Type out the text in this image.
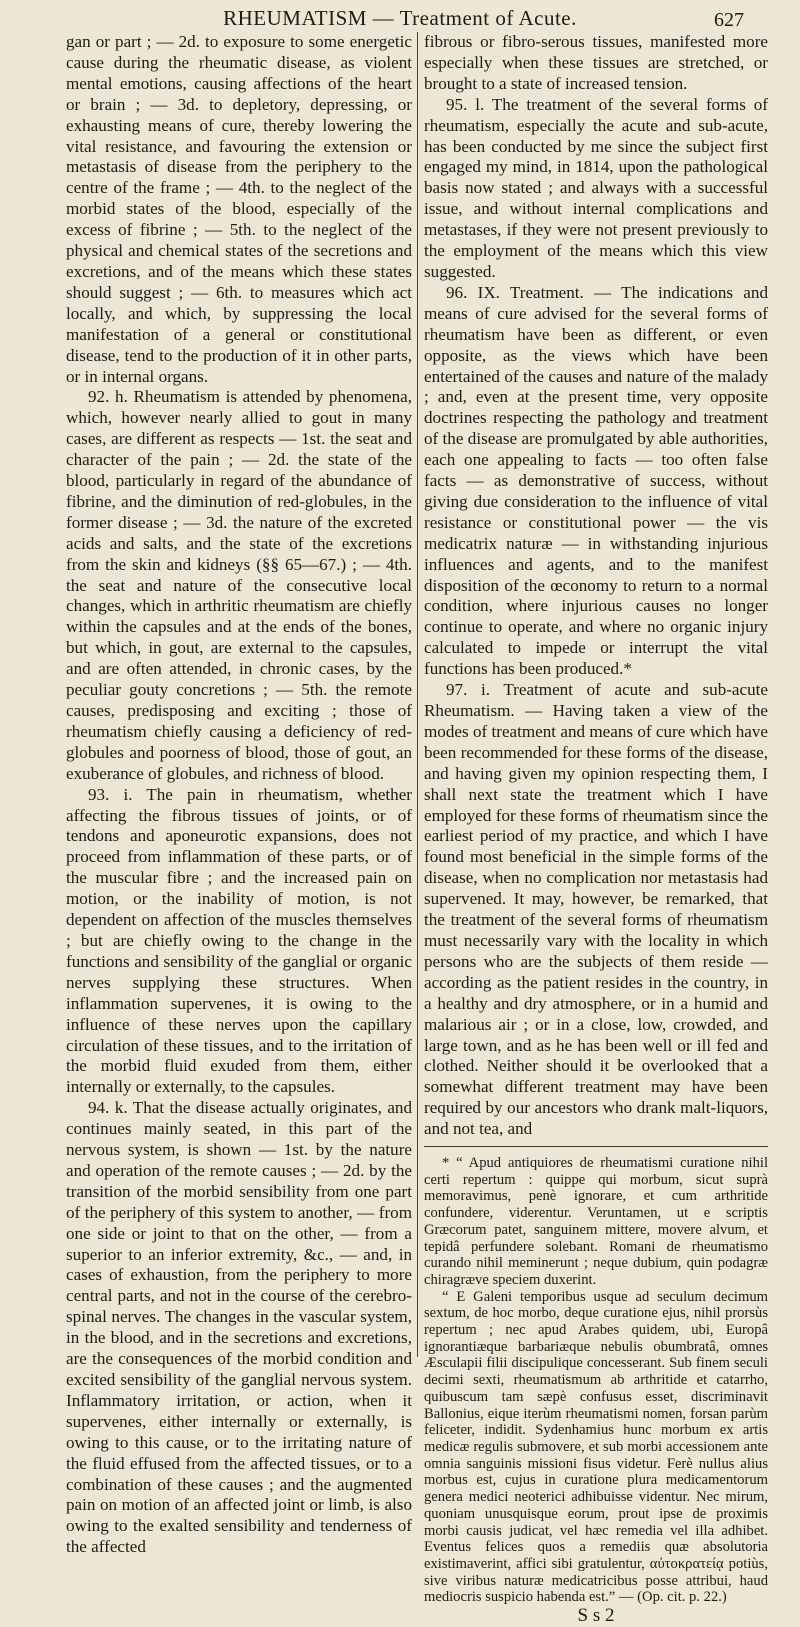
RHEUMATISM — Treatment of Acute.	627

gan or part ; — 2d. to exposure to some energetic cause during the rheumatic disease, as violent mental emotions, causing affections of the heart or brain ; — 3d. to depletory, depressing, or exhausting means of cure, thereby lowering the vital resistance, and favouring the extension or metastasis of disease from the periphery to the centre of the frame ; — 4th. to the neglect of the morbid states of the blood, especially of the excess of fibrine ; — 5th. to the neglect of the physical and chemical states of the secretions and excretions, and of the means which these states should suggest ; — 6th. to measures which act locally, and which, by suppressing the local manifestation of a general or constitutional disease, tend to the production of it in other parts, or in internal organs.

92. h. Rheumatism is attended by phenomena, which, however nearly allied to gout in many cases, are different as respects — 1st. the seat and character of the pain ; — 2d. the state of the blood, particularly in regard of the abundance of fibrine, and the diminution of red-globules, in the former disease ; — 3d. the nature of the excreted acids and salts, and the state of the excretions from the skin and kidneys (§§ 65—67.) ; — 4th. the seat and nature of the consecutive local changes, which in arthritic rheumatism are chiefly within the capsules and at the ends of the bones, but which, in gout, are external to the capsules, and are often attended, in chronic cases, by the peculiar gouty concretions ; — 5th. the remote causes, predisposing and exciting ; those of rheumatism chiefly causing a deficiency of red-globules and poorness of blood, those of gout, an exuberance of globules, and richness of blood.

93. i. The pain in rheumatism, whether affecting the fibrous tissues of joints, or of tendons and aponeurotic expansions, does not proceed from inflammation of these parts, or of the muscular fibre ; and the increased pain on motion, or the inability of motion, is not dependent on affection of the muscles themselves ; but are chiefly owing to the change in the functions and sensibility of the ganglial or organic nerves supplying these structures. When inflammation supervenes, it is owing to the influence of these nerves upon the capillary circulation of these tissues, and to the irritation of the morbid fluid exuded from them, either internally or externally, to the capsules.

94. k. That the disease actually originates, and continues mainly seated, in this part of the nervous system, is shown — 1st. by the nature and operation of the remote causes ; — 2d. by the transition of the morbid sensibility from one part of the periphery of this system to another, — from one side or joint to that on the other, — from a superior to an inferior extremity, &c., — and, in cases of exhaustion, from the periphery to more central parts, and not in the course of the cerebro-spinal nerves. The changes in the vascular system, in the blood, and in the secretions and excretions, are the consequences of the morbid condition and excited sensibility of the ganglial nervous system. Inflammatory irritation, or action, when it supervenes, either internally or externally, is owing to this cause, or to the irritating nature of the fluid effused from the affected tissues, or to a combination of these causes ; and the augmented pain on motion of an affected joint or limb, is also owing to the exalted sensibility and tenderness of the affected

fibrous or fibro-serous tissues, manifested more especially when these tissues are stretched, or brought to a state of increased tension.

95. l. The treatment of the several forms of rheumatism, especially the acute and sub-acute, has been conducted by me since the subject first engaged my mind, in 1814, upon the pathological basis now stated ; and always with a successful issue, and without internal complications and metastases, if they were not present previously to the employment of the means which this view suggested.

96. IX. Treatment. — The indications and means of cure advised for the several forms of rheumatism have been as different, or even opposite, as the views which have been entertained of the causes and nature of the malady ; and, even at the present time, very opposite doctrines respecting the pathology and treatment of the disease are promulgated by able authorities, each one appealing to facts — too often false facts — as demonstrative of success, without giving due consideration to the influence of vital resistance or constitutional power — the vis medicatrix naturæ — in withstanding injurious influences and agents, and to the manifest disposition of the œconomy to return to a normal condition, where injurious causes no longer continue to operate, and where no organic injury calculated to impede or interrupt the vital functions has been produced.*

97. i. Treatment of acute and sub-acute Rheumatism. — Having taken a view of the modes of treatment and means of cure which have been recommended for these forms of the disease, and having given my opinion respecting them, I shall next state the treatment which I have employed for these forms of rheumatism since the earliest period of my practice, and which I have found most beneficial in the simple forms of the disease, when no complication nor metastasis had supervened. It may, however, be remarked, that the treatment of the several forms of rheumatism must necessarily vary with the locality in which persons who are the subjects of them reside — according as the patient resides in the country, in a healthy and dry atmosphere, or in a humid and malarious air ; or in a close, low, crowded, and large town, and as he has been well or ill fed and clothed. Neither should it be overlooked that a somewhat different treatment may have been required by our ancestors who drank malt-liquors, and not tea, and

* “ Apud antiquiores de rheumatismi curatione nihil certi repertum : quippe qui morbum, sicut suprà memoravimus, penè ignorare, et cum arthritide confundere, viderentur. Veruntamen, ut e scriptis Græcorum patet, sanguinem mittere, movere alvum, et tepidâ perfundere solebant. Romani de rheumatismo curando nihil meminerunt ; neque dubium, quin podagræ chiragræve speciem duxerint.

“ E Galeni temporibus usque ad seculum decimum sextum, de hoc morbo, deque curatione ejus, nihil prorsùs repertum ; nec apud Arabes quidem, ubi, Europâ ignorantiæque barbariæque nebulis obumbratâ, omnes Æsculapii filii discipulique concesserant. Sub finem seculi decimi sexti, rheumatismum ab arthritide et catarrho, quibuscum tam sæpè confusus esset, discriminavit Ballonius, eique iterùm rheumatismi nomen, forsan parùm feliceter, indidit. Sydenhamius hunc morbum ex artis medicæ regulis submovere, et sub morbi accessionem ante omnia sanguinis missioni fisus videtur. Ferè nullus alius morbus est, cujus in curatione plura medicamentorum genera medici neoterici adhibuisse videntur. Nec mirum, quoniam unusquisque eorum, prout ipse de proximis morbi causis judicat, vel hæc remedia vel illa adhibet. Eventus felices quos a remediis quæ absolutoria existimaverint, affici sibi gratulentur, αὐτοκρατείᾳ potiùs, sive viribus naturæ medicatricibus posse attribui, haud mediocris suspicio habenda est.” — (Op. cit. p. 22.)

S s 2
